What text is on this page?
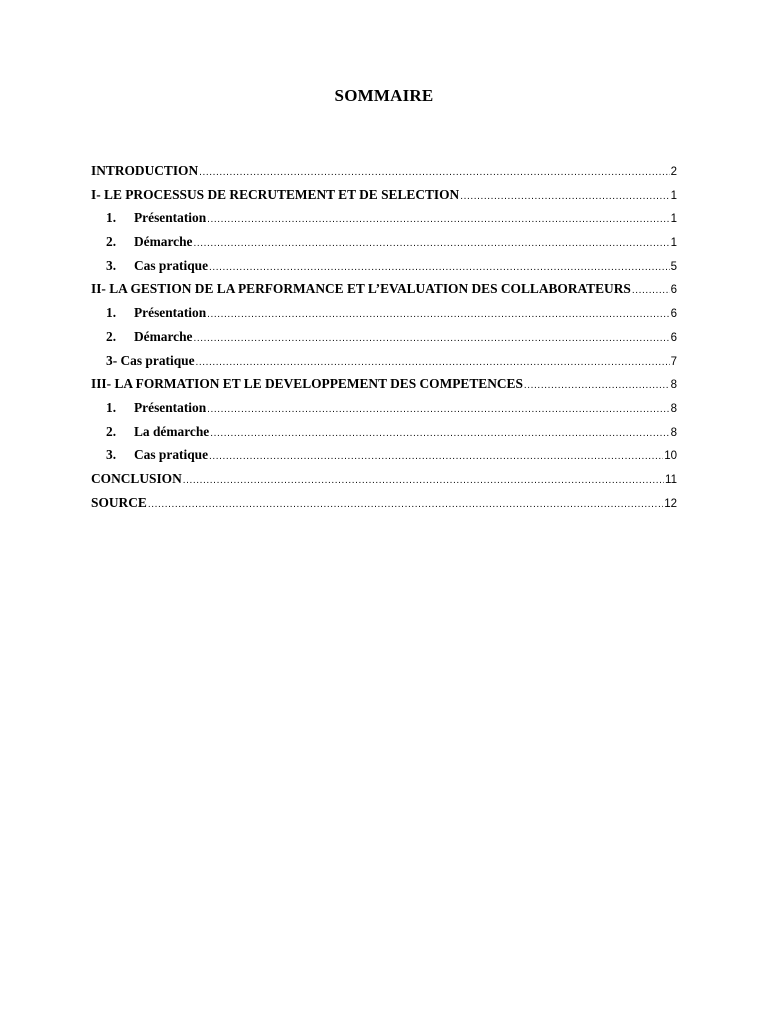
SOMMAIRE
INTRODUCTION .....	2
I- LE PROCESSUS DE RECRUTEMENT ET DE SELECTION .....	1
1. Présentation .....	1
2. Démarche .....	1
3. Cas pratique .....	5
II- LA GESTION DE LA PERFORMANCE ET L’EVALUATION DES COLLABORATEURS .....	6
1. Présentation .....	6
2. Démarche .....	6
3- Cas pratique .....	7
III- LA FORMATION ET LE DEVELOPPEMENT DES COMPETENCES .....	8
1. Présentation .....	8
2. La démarche .....	8
3. Cas pratique .....	10
CONCLUSION .....	11
SOURCE .....	12
